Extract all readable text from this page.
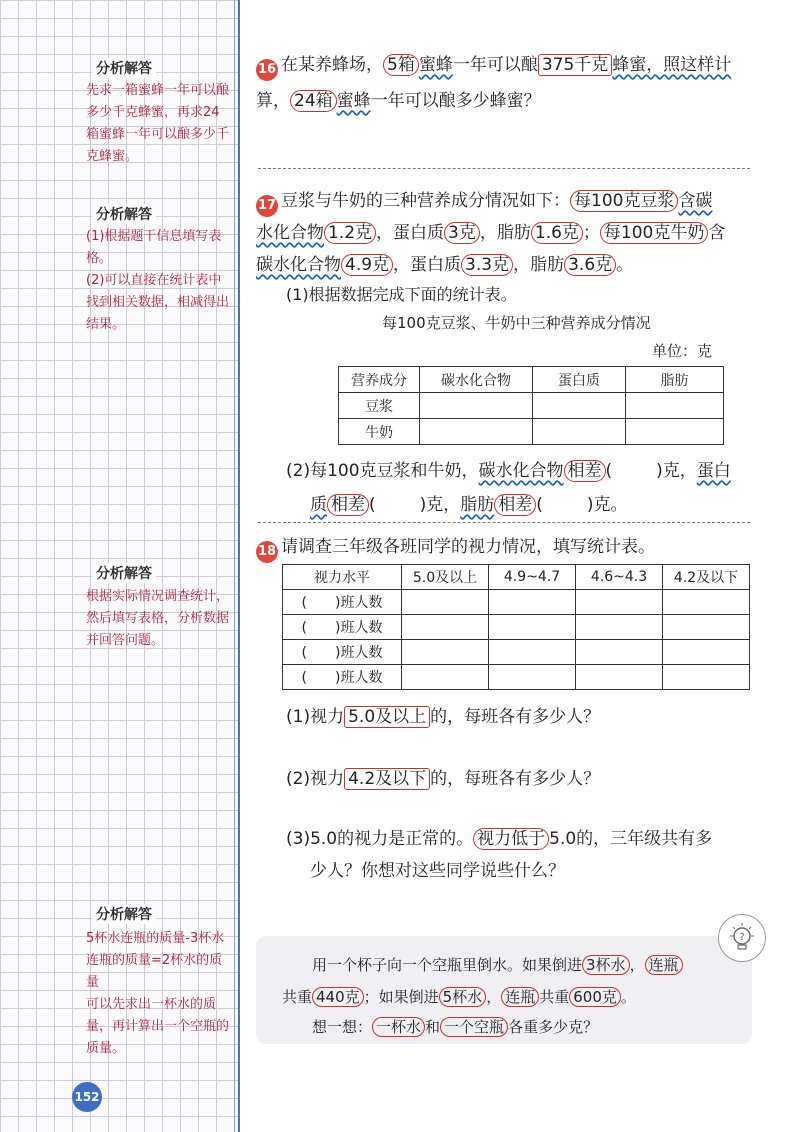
分析解答
先求一箱蜜蜂一年可以酿多少千克蜂蜜，再求24箱蜜蜂一年可以酿多少千克蜂蜜。
分析解答
(1)根据题干信息填写表格。
(2)可以直接在统计表中找到相关数据，相减得出结果。
分析解答
根据实际情况调查统计，然后填写表格，分析数据并回答问题。
分析解答
5杯水连瓶的质量-3杯水连瓶的质量=2杯水的质量
可以先求出一杯水的质量，再计算出一个空瓶的质量。
152
16 在某养蜂场， 5箱 蜜蜂一年可以酿 375千克 蜂蜜，照这样计
算， 24箱 蜜蜂一年可以酿多少蜂蜜？
17 豆浆与牛奶的三种营养成分情况如下： 每100克豆浆 含碳
水化合物 1.2克 ，蛋白质 3克 ，脂肪 1.6克 ； 每100克牛奶 含
碳水化合物 4.9克 ，蛋白质 3.3克 ，脂肪 3.6克 。
(1)根据数据完成下面的统计表。
每100克豆浆、牛奶中三种营养成分情况
单位：克
营养成分	碳水化合物	蛋白质	脂肪
豆浆			
牛奶			
(2)每100克豆浆和牛奶，碳水化合物 相差 (	)克，蛋白
质 相差 (	)克，脂肪 相差 (	)克。
18 请调查三年级各班同学的视力情况，填写统计表。
视力水平	5.0及以上	4.9~4.7	4.6~4.3	4.2及以下
(　　)班人数				
(　　)班人数				
(　　)班人数				
(　　)班人数				
(1)视力 5.0及以上 的，每班各有多少人？
(2)视力 4.2及以下 的，每班各有多少人？
(3)5.0的视力是正常的。 视力低于 5.0的，三年级共有多
少人？你想对这些同学说些什么？
?
用一个杯子向一个空瓶里倒水。如果倒进 3杯水 ， 连瓶
共重 440克 ；如果倒进 5杯水 ， 连瓶 共重 600克 。
想一想： 一杯水 和 一个空瓶 各重多少克？
